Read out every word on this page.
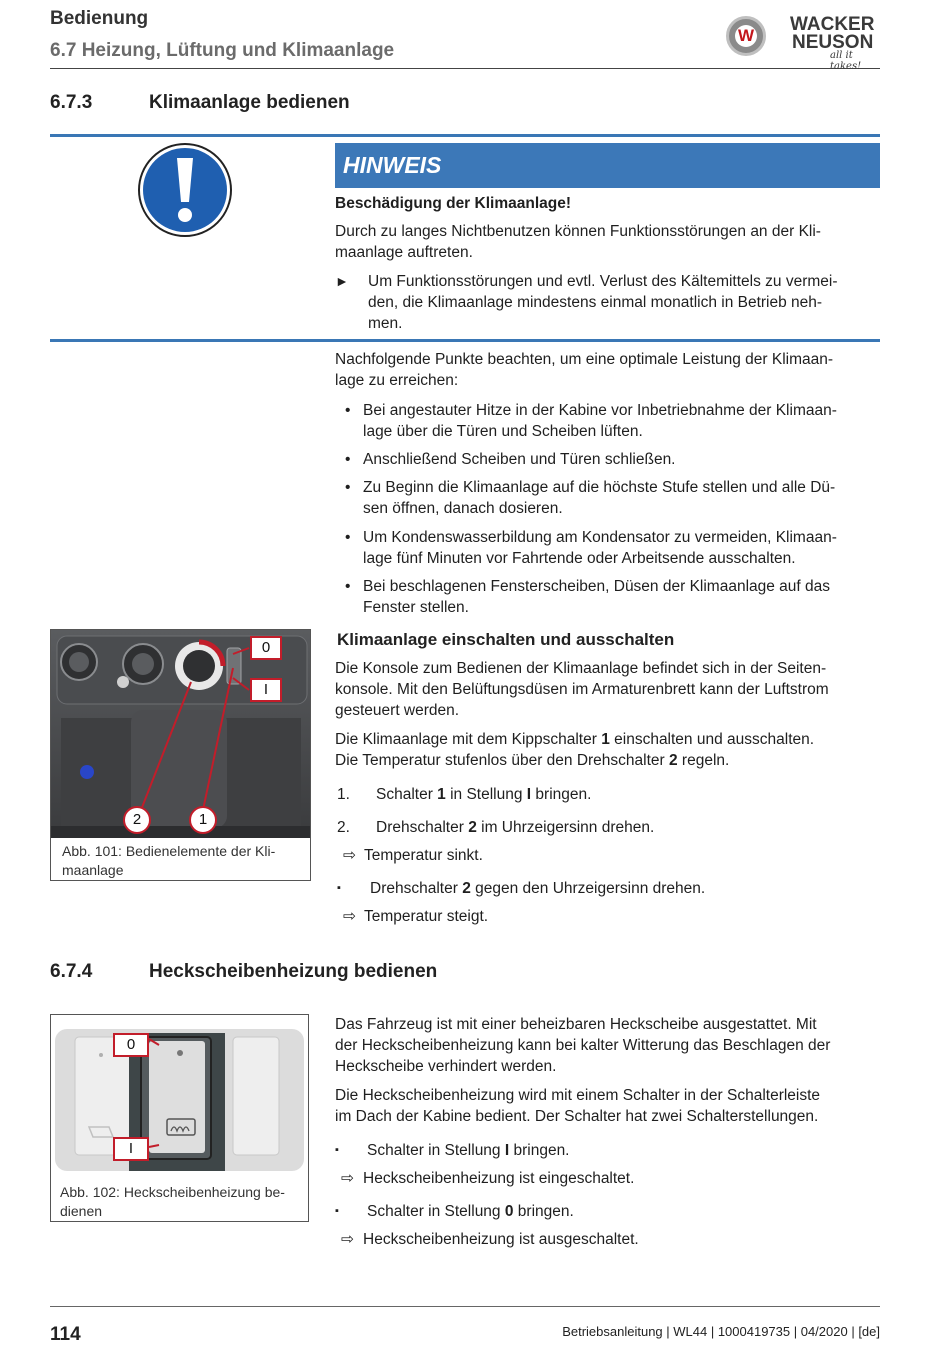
Bedienung
6.7 Heizung, Lüftung und Klimaanlage
W
WACKER
NEUSON
all it takes!
6.7.3	Klimaanlage bedienen
HINWEIS
Beschädigung der Klimaanlage!
Durch zu langes Nichtbenutzen können Funktionsstörungen an der Kli-
maanlage auftreten.
► Um Funktionsstörungen und evtl. Verlust des Kältemittels zu vermei-
den, die Klimaanlage mindestens einmal monatlich in Betrieb neh-
men.
Nachfolgende Punkte beachten, um eine optimale Leistung der Klimaan-
lage zu erreichen:
• Bei angestauter Hitze in der Kabine vor Inbetriebnahme der Klimaan-
lage über die Türen und Scheiben lüften.
• Anschließend Scheiben und Türen schließen.
• Zu Beginn die Klimaanlage auf die höchste Stufe stellen und alle Dü-
sen öffnen, danach dosieren.
• Um Kondenswasserbildung am Kondensator zu vermeiden, Klimaan-
lage fünf Minuten vor Fahrtende oder Arbeitsende ausschalten.
• Bei beschlagenen Fensterscheiben, Düsen der Klimaanlage auf das
Fenster stellen.
0
I
2	1
Abb. 101: Bedienelemente der Kli-
maanlage
Klimaanlage einschalten und ausschalten
Die Konsole zum Bedienen der Klimaanlage befindet sich in der Seiten-
konsole. Mit den Belüftungsdüsen im Armaturenbrett kann der Luftstrom
gesteuert werden.
Die Klimaanlage mit dem Kippschalter 1 einschalten und ausschalten.
Die Temperatur stufenlos über den Drehschalter 2 regeln.
1. Schalter 1 in Stellung I bringen.
2. Drehschalter 2 im Uhrzeigersinn drehen.
⇨ Temperatur sinkt.
▪ Drehschalter 2 gegen den Uhrzeigersinn drehen.
⇨ Temperatur steigt.
6.7.4	Heckscheibenheizung bedienen
0
I
Abb. 102: Heckscheibenheizung be-
dienen
Das Fahrzeug ist mit einer beheizbaren Heckscheibe ausgestattet. Mit
der Heckscheibenheizung kann bei kalter Witterung das Beschlagen der
Heckscheibe verhindert werden.
Die Heckscheibenheizung wird mit einem Schalter in der Schalterleiste
im Dach der Kabine bedient. Der Schalter hat zwei Schalterstellungen.
▪ Schalter in Stellung I bringen.
⇨ Heckscheibenheizung ist eingeschaltet.
▪ Schalter in Stellung 0 bringen.
⇨ Heckscheibenheizung ist ausgeschaltet.
114	Betriebsanleitung | WL44 | 1000419735 | 04/2020 | [de]
